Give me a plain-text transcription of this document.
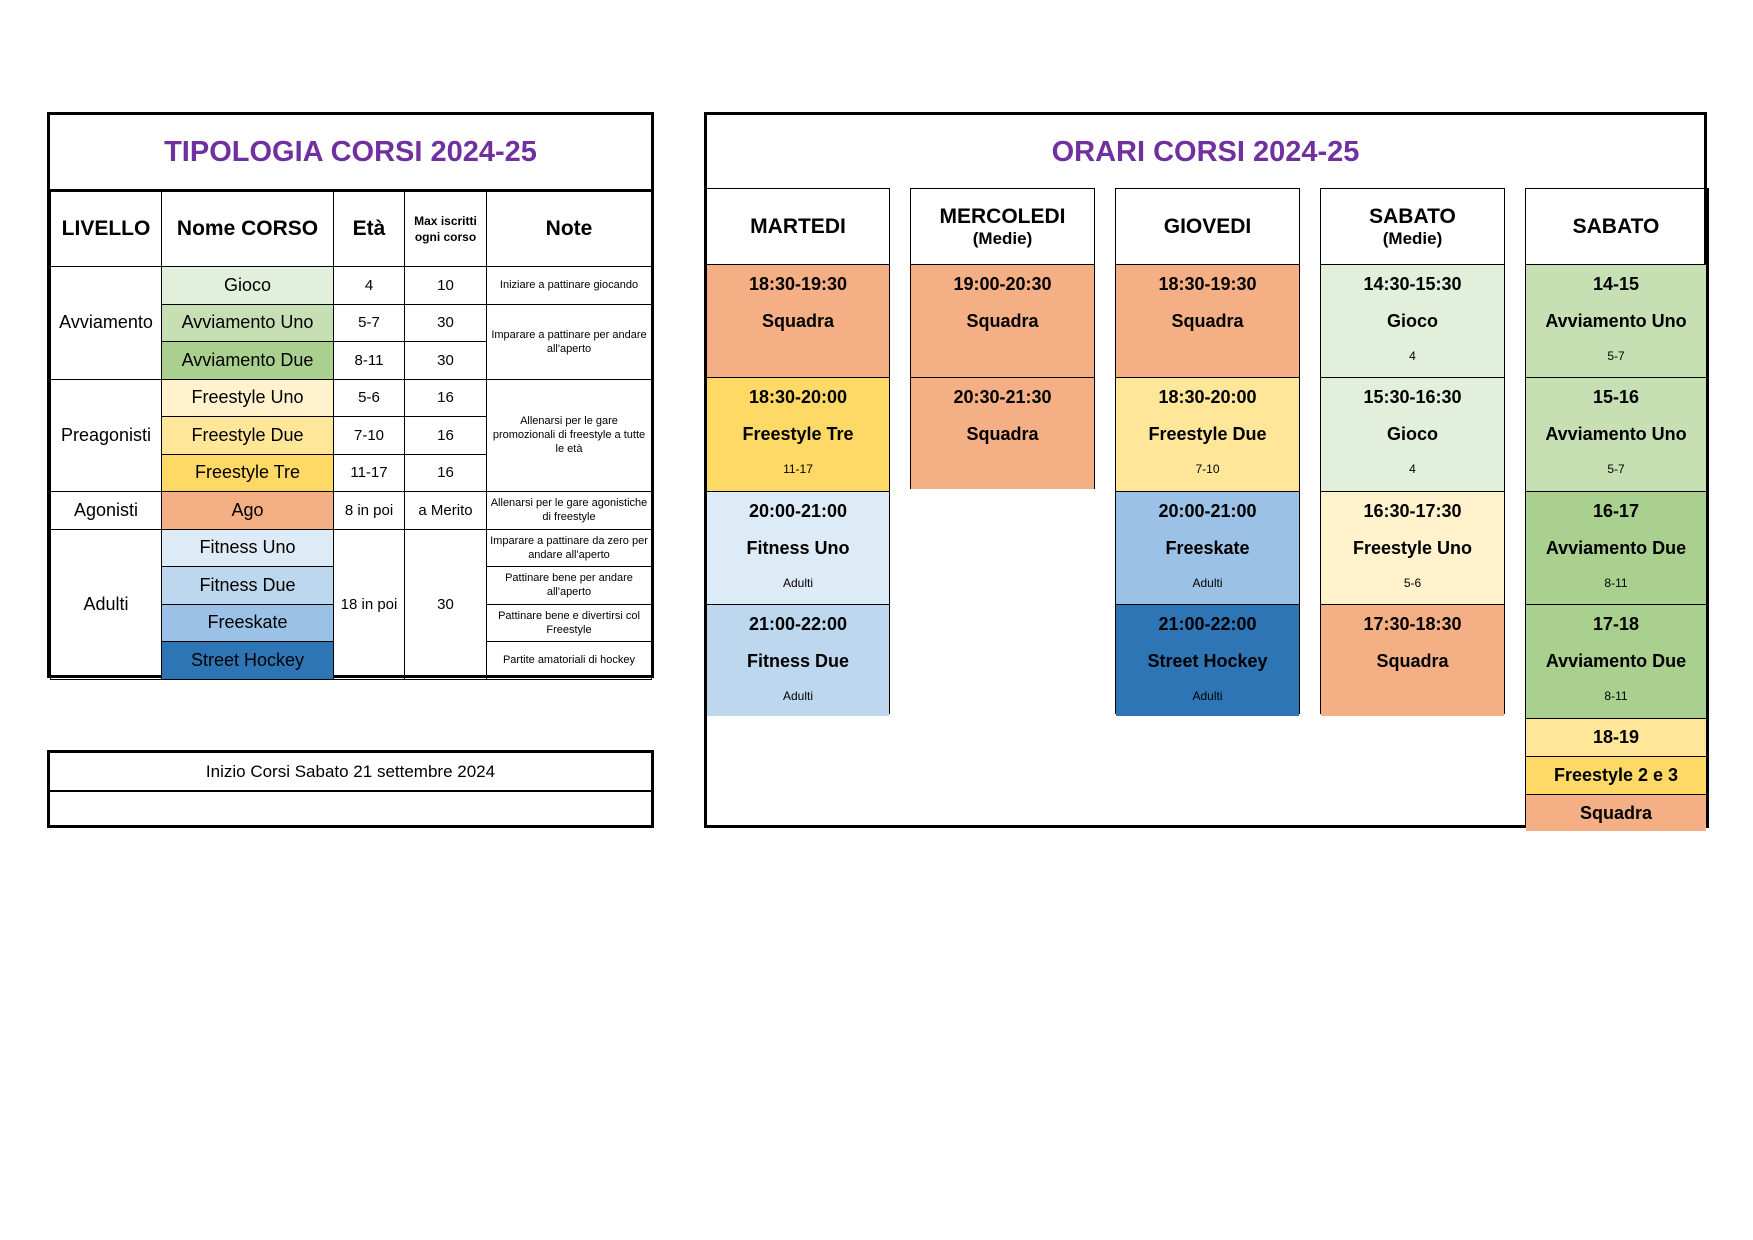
TIPOLOGIA CORSI 2024-25
LIVELLO	Nome CORSO	Età	Max iscritti ogni corso	Note
Avviamento	Gioco	4	10	Iniziare a pattinare giocando
	Avviamento Uno	5-7	30	Imparare a pattinare per andare all'aperto
	Avviamento Due	8-11	30	
Preagonisti	Freestyle Uno	5-6	16	Allenarsi per le gare promozionali di freestyle a tutte le età
	Freestyle Due	7-10	16	
	Freestyle Tre	11-17	16	
Agonisti	Ago	8 in poi	a Merito	Allenarsi per le gare agonistiche di freestyle
Adulti	Fitness Uno	18 in poi	30	Imparare a pattinare da zero per andare all'aperto
	Fitness Due			Pattinare bene per andare all'aperto
	Freeskate			Pattinare bene e divertirsi col Freestyle
	Street Hockey			Partite amatoriali di hockey
Inizio Corsi Sabato 21 settembre 2024
ORARI CORSI 2024-25
MARTEDI
18:30-19:30
Squadra
18:30-20:00
Freestyle Tre
11-17
20:00-21:00
Fitness Uno
Adulti
21:00-22:00
Fitness Due
Adulti
MERCOLEDI
(Medie)
19:00-20:30
Squadra
20:30-21:30
Squadra
GIOVEDI
18:30-19:30
Squadra
18:30-20:00
Freestyle Due
7-10
20:00-21:00
Freeskate
Adulti
21:00-22:00
Street Hockey
Adulti
SABATO
(Medie)
14:30-15:30
Gioco
4
15:30-16:30
Gioco
4
16:30-17:30
Freestyle Uno
5-6
17:30-18:30
Squadra
SABATO
14-15
Avviamento Uno
5-7
15-16
Avviamento Uno
5-7
16-17
Avviamento Due
8-11
17-18
Avviamento Due
8-11
18-19
Freestyle 2 e 3
Squadra
